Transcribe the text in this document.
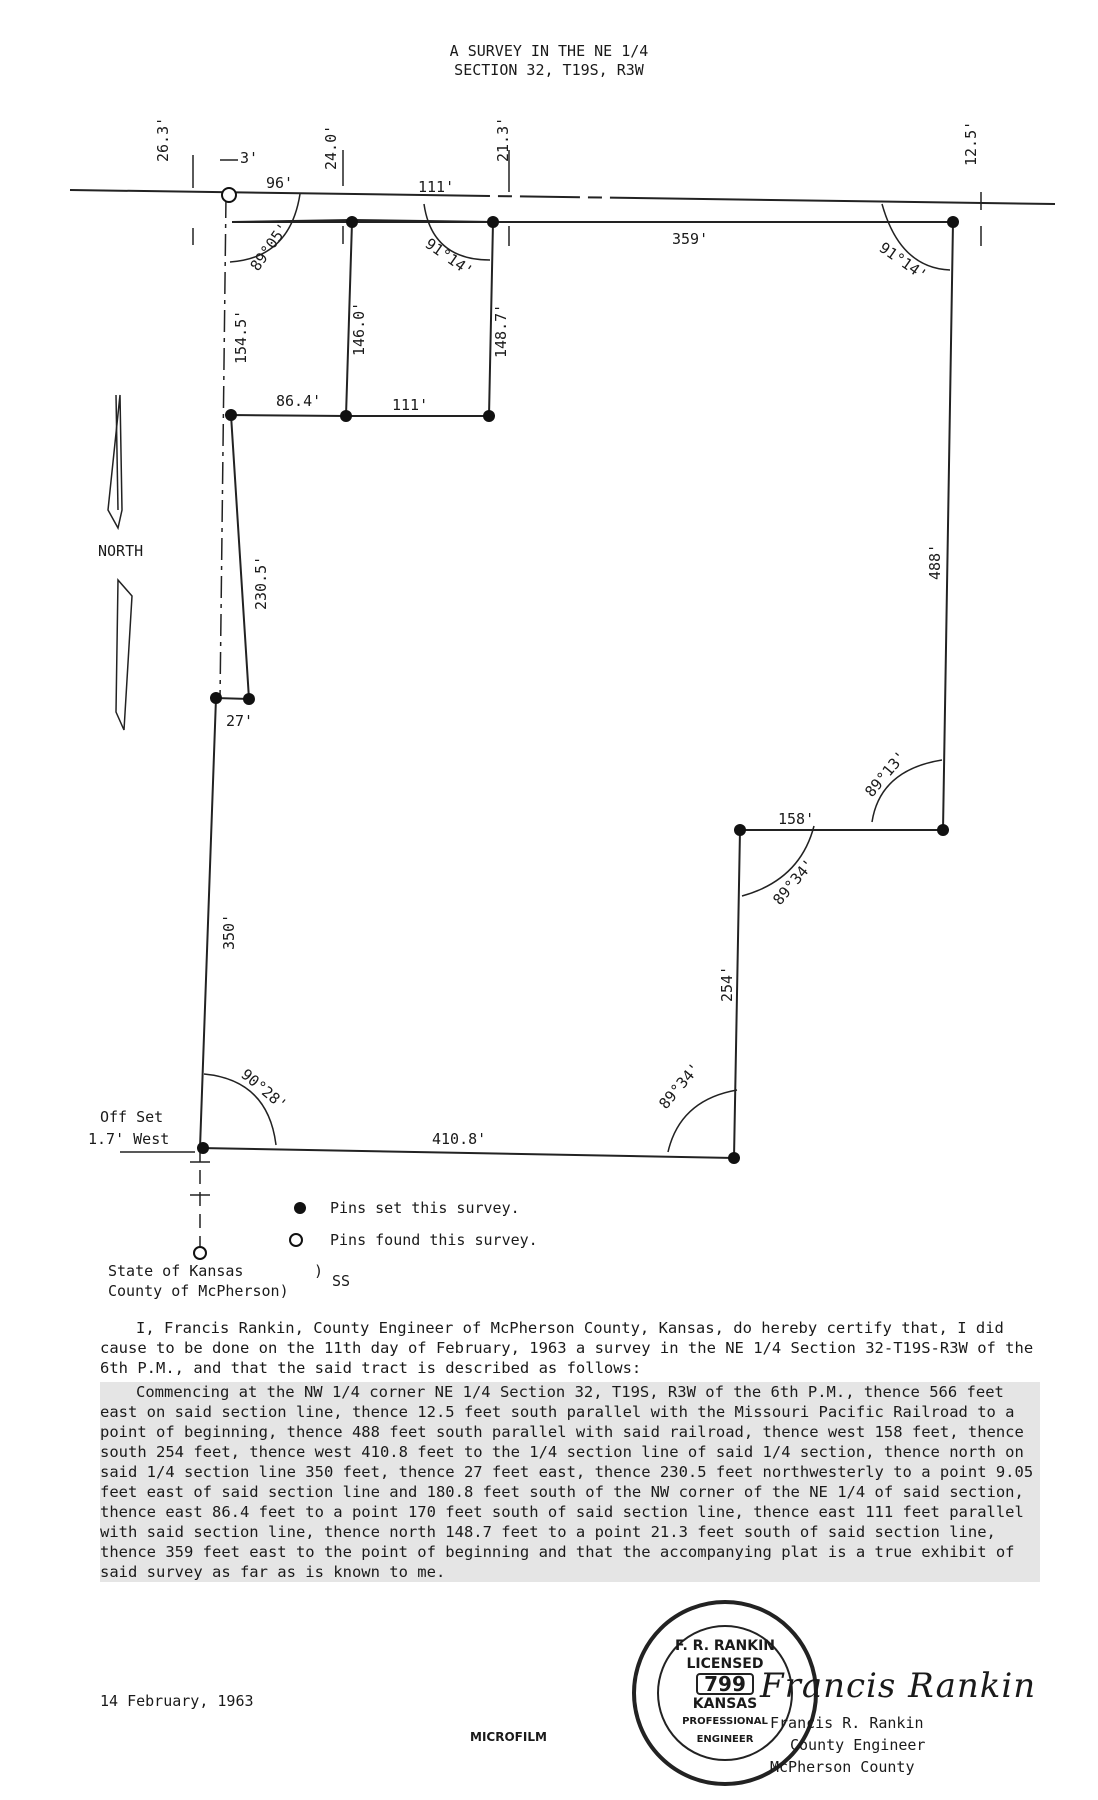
A SURVEY IN THE NE 1/4
SECTION 32, T19S, R3W
NORTH
26.3'	3'	24.0'	21.3'	12.5'
96'	111'
359'
154.5'	146.0'	148.7'
86.4'	111'
230.5'
27'
488'
158'
254'
350'
410.8'
89°05'	91°14'	91°14'
89°13'
89°34'
89°34'
90°28'
Off Set
1.7' West
Pins set this survey.
Pins found this survey.
State of Kansas	)
SS
County of McPherson)

I, Francis Rankin, County Engineer of McPherson County, Kansas, do hereby certify that, I did cause to be done on the 11th day of February, 1963 a survey in the NE 1/4 Section 32-T19S-R3W of the 6th P.M., and that the said tract is described as follows:

Commencing at the NW 1/4 corner NE 1/4 Section 32, T19S, R3W of the 6th P.M., thence 566 feet east on said section line, thence 12.5 feet south parallel with the Missouri Pacific Railroad to a point of beginning, thence 488 feet south parallel with said railroad, thence west 158 feet, thence south 254 feet, thence west 410.8 feet to the 1/4 section line of said 1/4 section, thence north on said 1/4 section line 350 feet, thence 27 feet east, thence 230.5 feet northwesterly to a point 9.05 feet east of said section line and 180.8 feet south of the NW corner of the NE 1/4 of said section, thence east 86.4 feet to a point 170 feet south of said section line, thence east 111 feet parallel with said section line, thence north 148.7 feet to a point 21.3 feet south of said section line, thence 359 feet east to the point of beginning and that the accompanying plat is a true exhibit of said survey as far as is known to me.

14 February, 1963
F. R. RANKIN
LICENSED
799
KANSAS
PROFESSIONAL ENGINEER
Francis Rankin
Francis R. Rankin
County Engineer
McPherson County
MICROFILM
